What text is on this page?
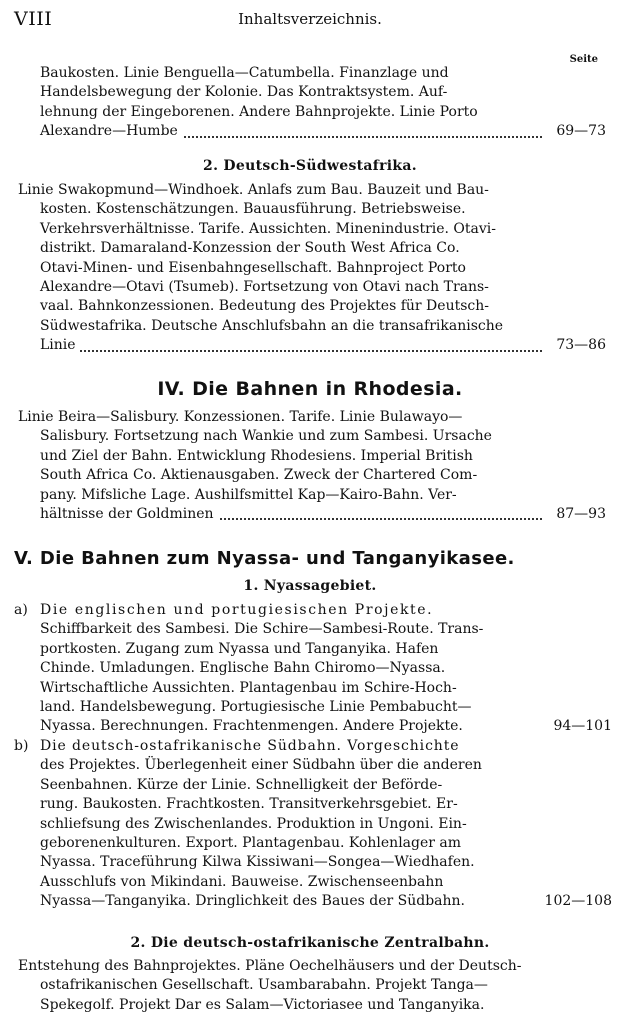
VIII	Inhaltsverzeichnis.
Seite
Baukosten. Linie Benguella—Catumbella. Finanzlage und
Handelsbewegung der Kolonie. Das Kontraktsystem. Auf-
lehnung der Eingeborenen. Andere Bahnprojekte. Linie Porto
Alexandre—Humbe	69—73
2. Deutsch-Südwestafrika.
Linie Swakopmund—Windhoek. Anlafs zum Bau. Bauzeit und Bau-
kosten. Kostenschätzungen. Bauausführung. Betriebsweise.
Verkehrsverhältnisse. Tarife. Aussichten. Minenindustrie. Otavi-
distrikt. Damaraland-Konzession der South West Africa Co.
Otavi-Minen- und Eisenbahngesellschaft. Bahnproject Porto
Alexandre—Otavi (Tsumeb). Fortsetzung von Otavi nach Trans-
vaal. Bahnkonzessionen. Bedeutung des Projektes für Deutsch-
Südwestafrika. Deutsche Anschlufsbahn an die transafrikanische
Linie	73—86
IV. Die Bahnen in Rhodesia.
Linie Beira—Salisbury. Konzessionen. Tarife. Linie Bulawayo—
Salisbury. Fortsetzung nach Wankie und zum Sambesi. Ursache
und Ziel der Bahn. Entwicklung Rhodesiens. Imperial British
South Africa Co. Aktienausgaben. Zweck der Chartered Com-
pany. Mifsliche Lage. Aushilfsmittel Kap—Kairo-Bahn. Ver-
hältnisse der Goldminen	87—93
V. Die Bahnen zum Nyassa- und Tanganyikasee.
1. Nyassagebiet.
a) Die englischen und portugiesischen Projekte.
Schiffbarkeit des Sambesi. Die Schire—Sambesi-Route. Trans-
portkosten. Zugang zum Nyassa und Tanganyika. Hafen
Chinde. Umladungen. Englische Bahn Chiromo—Nyassa.
Wirtschaftliche Aussichten. Plantagenbau im Schire-Hoch-
land. Handelsbewegung. Portugiesische Linie Pembabucht—
Nyassa. Berechnungen. Frachtenmengen. Andere Projekte.	94—101
b) Die deutsch-ostafrikanische Südbahn. Vorgeschichte
des Projektes. Überlegenheit einer Südbahn über die anderen
Seenbahnen. Kürze der Linie. Schnelligkeit der Beförde-
rung. Baukosten. Frachtkosten. Transitverkehrsgebiet. Er-
schliefsung des Zwischenlandes. Produktion in Ungoni. Ein-
geborenenkulturen. Export. Plantagenbau. Kohlenlager am
Nyassa. Traceführung Kilwa Kissiwani—Songea—Wiedhafen.
Ausschlufs von Mikindani. Bauweise. Zwischenseenbahn
Nyassa—Tanganyika. Dringlichkeit des Baues der Südbahn.	102—108
2. Die deutsch-ostafrikanische Zentralbahn.
Entstehung des Bahnprojektes. Pläne Oechelhäusers und der Deutsch-
ostafrikanischen Gesellschaft. Usambarabahn. Projekt Tanga—
Spekegolf. Projekt Dar es Salam—Victoriasee und Tanganyika.
